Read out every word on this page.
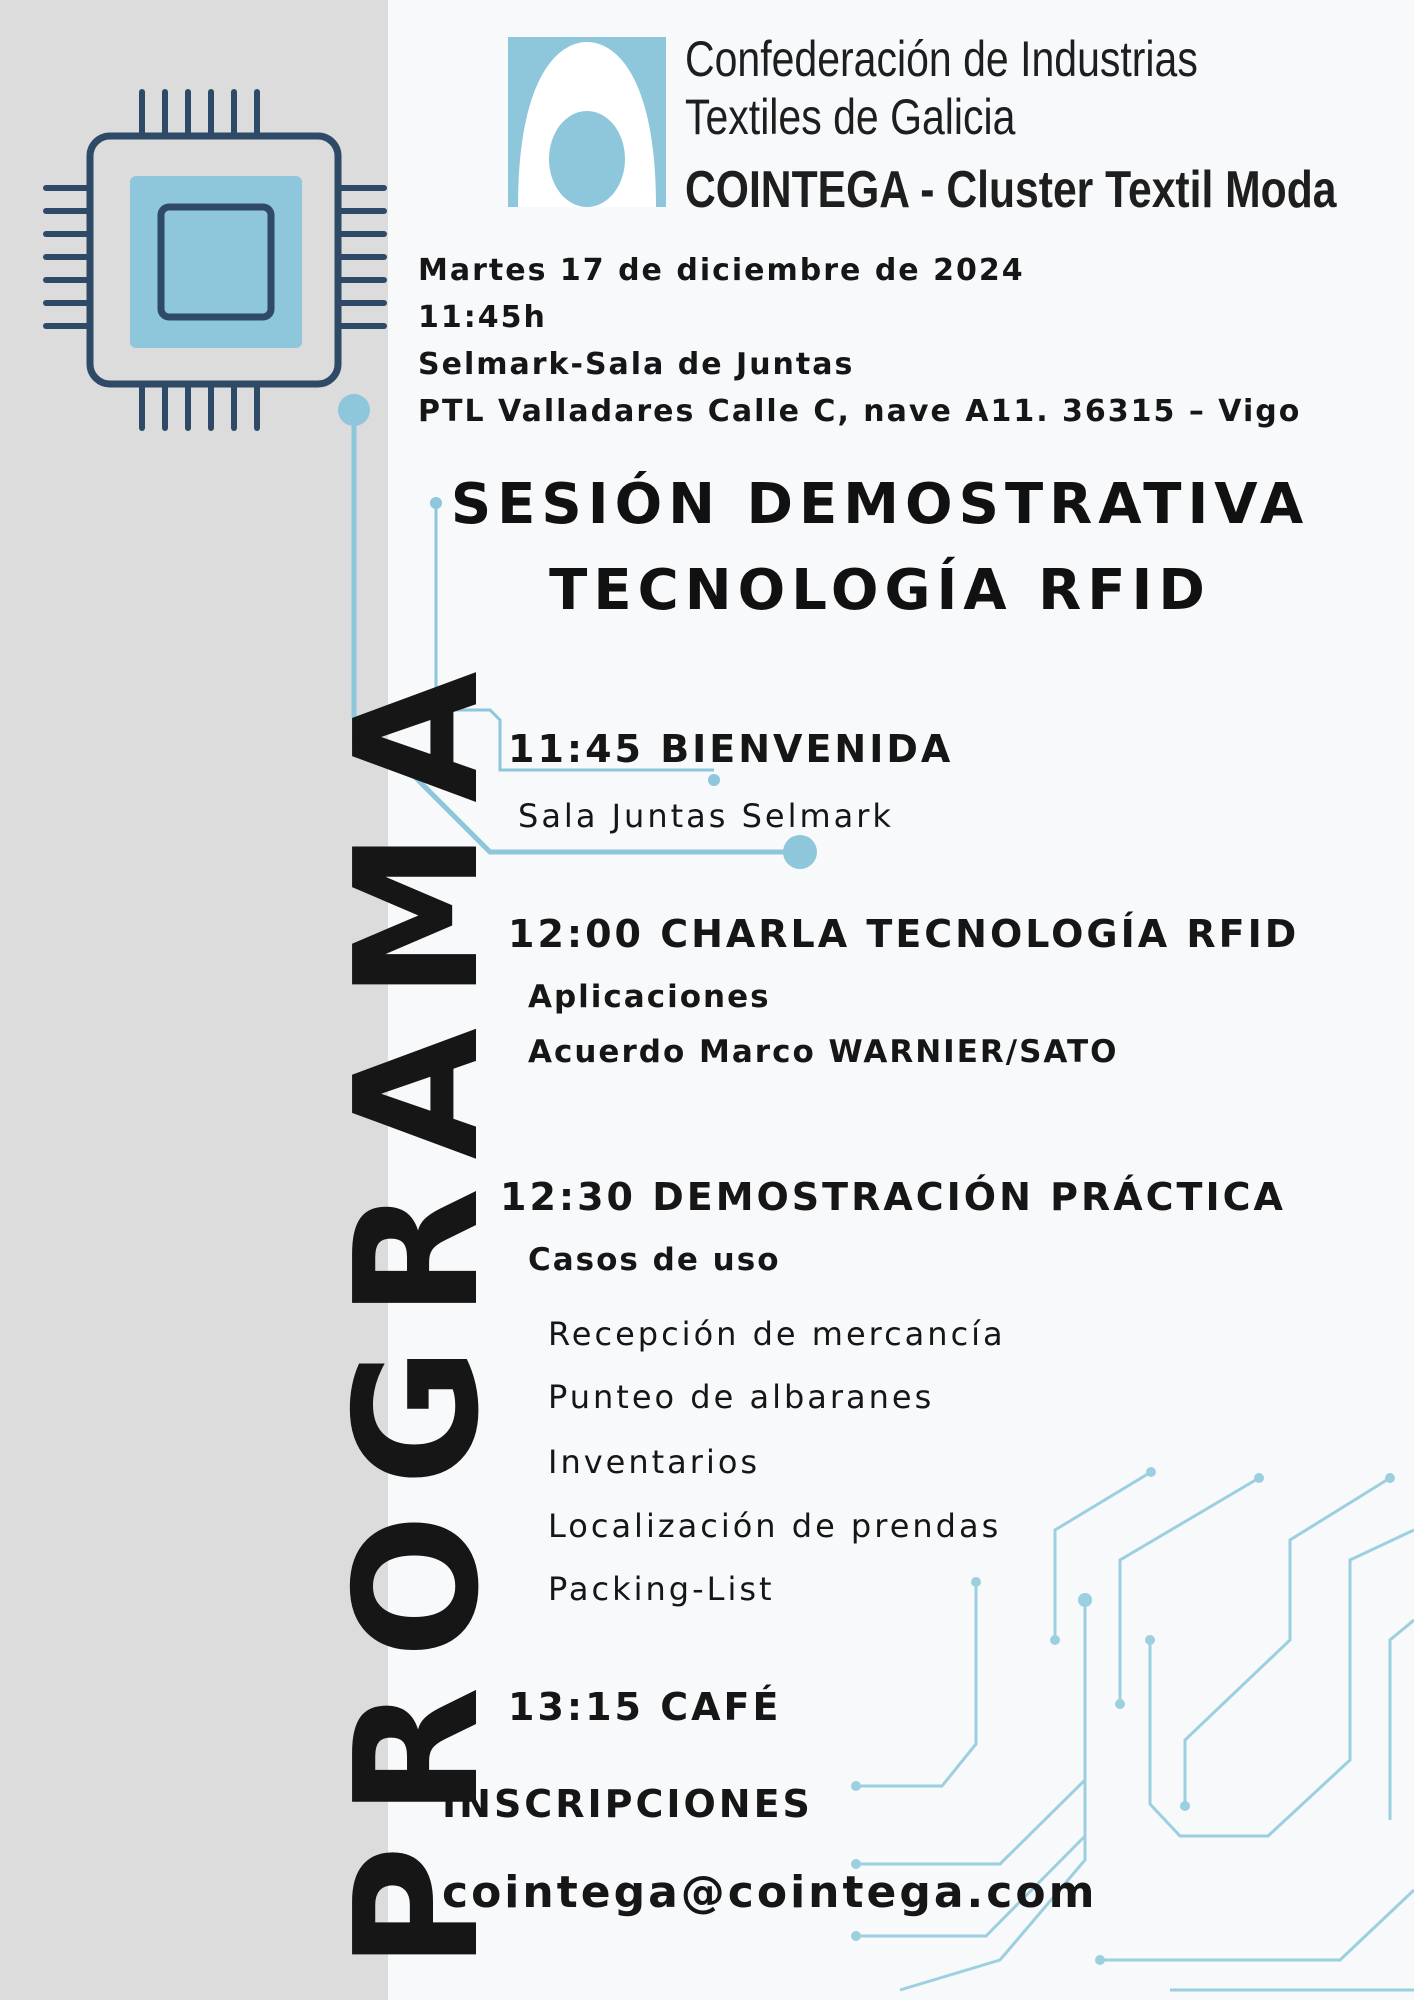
Confederación de Industrias
Textiles de Galicia
COINTEGA - Cluster Textil Moda
PROGRAMA
Martes 17 de diciembre de 2024
11:45h
Selmark-Sala de Juntas
PTL Valladares Calle C, nave A11. 36315 – Vigo
SESIÓN DEMOSTRATIVA
TECNOLOGÍA RFID
11:45 BIENVENIDA
Sala Juntas Selmark
12:00 CHARLA TECNOLOGÍA RFID
Aplicaciones
Acuerdo Marco WARNIER/SATO
12:30 DEMOSTRACIÓN PRÁCTICA
Casos de uso
Recepción de mercancía
Punteo de albaranes
Inventarios
Localización de prendas
Packing-List
13:15 CAFÉ
INSCRIPCIONES
cointega@cointega.com
